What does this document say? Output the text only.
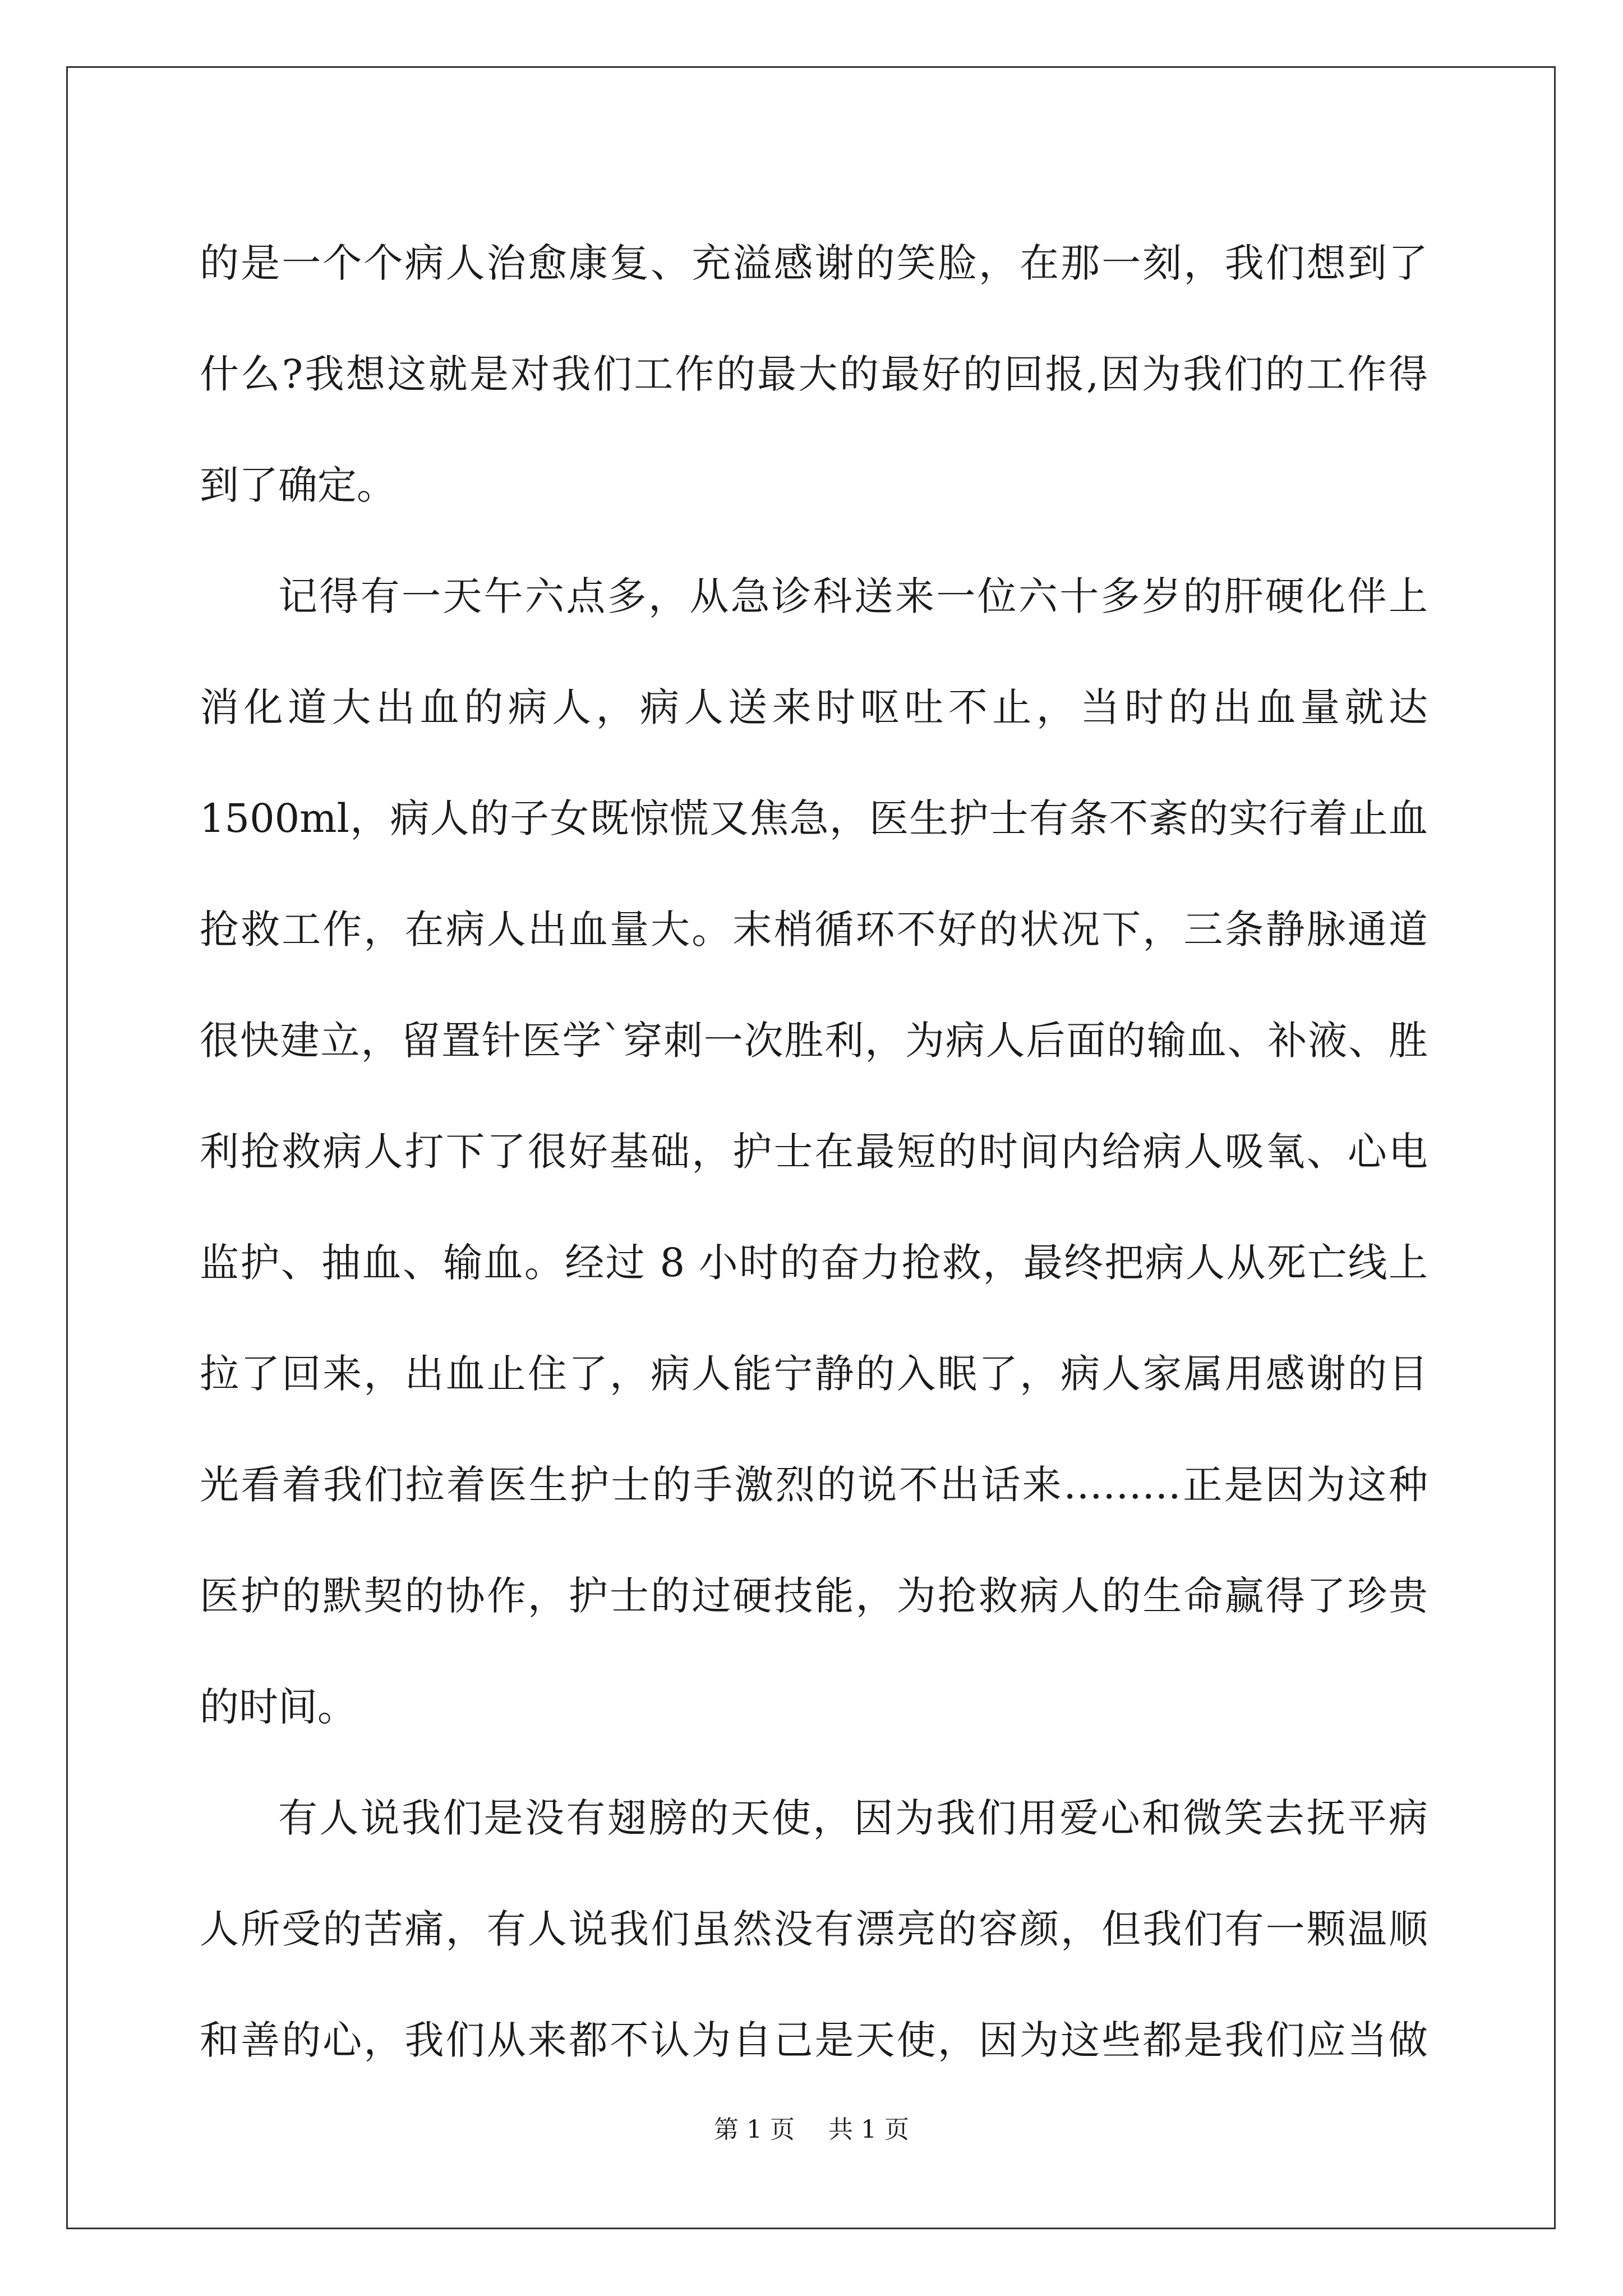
的是一个个病人治愈康复、充溢感谢的笑脸，在那一刻，我们想到了
什么?我想这就是对我们工作的最大的最好的回报,因为我们的工作得
到了确定。
记得有一天午六点多，从急诊科送来一位六十多岁的肝硬化伴上
消化道大出血的病人，病人送来时呕吐不止，当时的出血量就达
1500ml，病人的子女既惊慌又焦急，医生护士有条不紊的实行着止血
抢救工作，在病人出血量大。末梢循环不好的状况下，三条静脉通道
很快建立，留置针医学`穿刺一次胜利，为病人后面的输血、补液、胜
利抢救病人打下了很好基础，护士在最短的时间内给病人吸氧、心电
监护、抽血、输血。经过 8 小时的奋力抢救，最终把病人从死亡线上
拉了回来，出血止住了，病人能宁静的入眠了，病人家属用感谢的目
光看着我们拉着医生护士的手激烈的说不出话来………正是因为这种
医护的默契的协作，护士的过硬技能，为抢救病人的生命赢得了珍贵
的时间。
有人说我们是没有翅膀的天使，因为我们用爱心和微笑去抚平病
人所受的苦痛，有人说我们虽然没有漂亮的容颜，但我们有一颗温顺
和善的心，我们从来都不认为自己是天使，因为这些都是我们应当做
第 1 页 共 1 页
